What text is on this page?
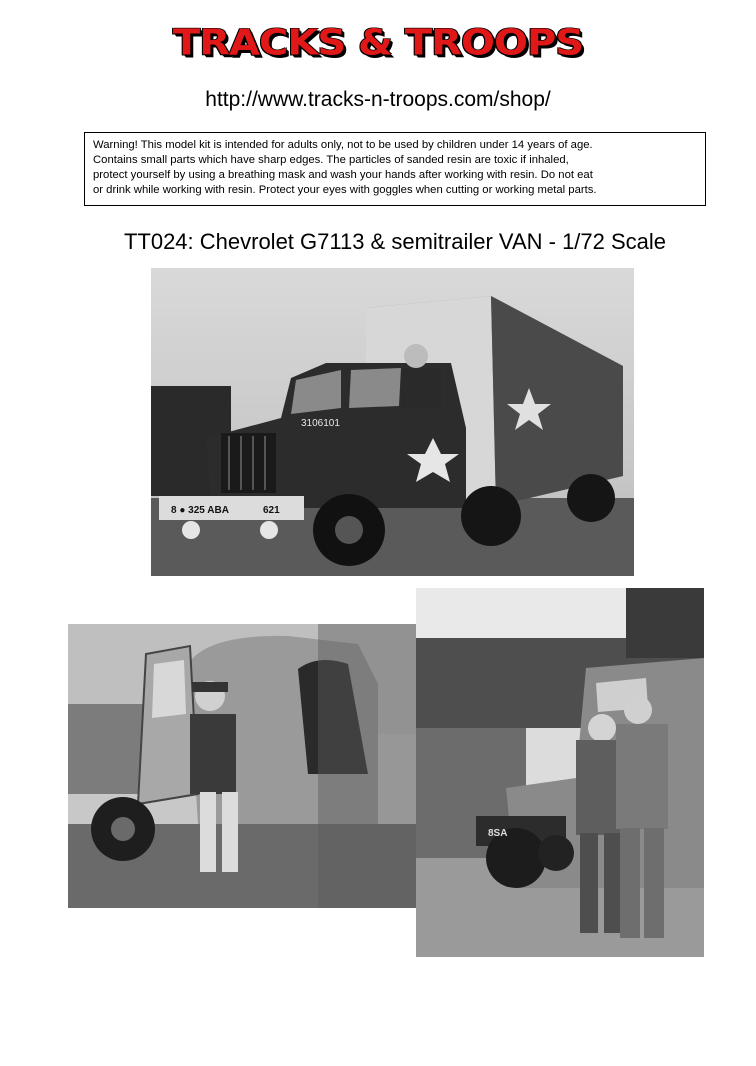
TRACKS & TROOPS
http://www.tracks-n-troops.com/shop/
Warning! This model kit is intended for adults only, not to be used by children under 14 years of age.
Contains small parts which have sharp edges. The particles of sanded resin are toxic if inhaled,
protect yourself by using a breathing mask and wash your hands after working with resin. Do not eat
or drink while working with resin. Protect your eyes with goggles when cutting or working metal parts.
TT024: Chevrolet G7113 & semitrailer VAN - 1/72 Scale
3106101
8 ● 325 ABA	621
8SA
